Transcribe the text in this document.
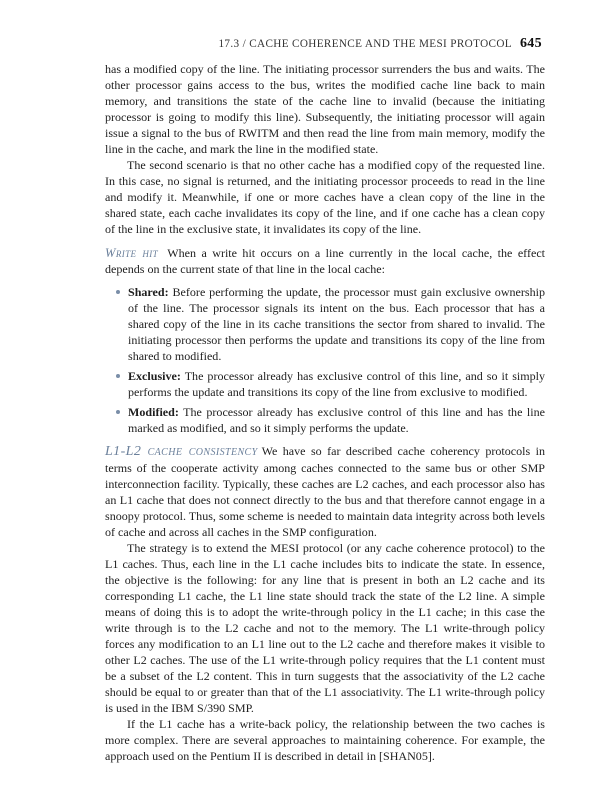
17.3 / CACHE COHERENCE AND THE MESI PROTOCOL 645

has a modified copy of the line. The initiating processor surrenders the bus and waits. The other processor gains access to the bus, writes the modified cache line back to main memory, and transitions the state of the cache line to invalid (because the initiating processor is going to modify this line). Subsequently, the initiating processor will again issue a signal to the bus of RWITM and then read the line from main memory, modify the line in the cache, and mark the line in the modified state.

The second scenario is that no other cache has a modified copy of the requested line. In this case, no signal is returned, and the initiating processor proceeds to read in the line and modify it. Meanwhile, if one or more caches have a clean copy of the line in the shared state, each cache invalidates its copy of the line, and if one cache has a clean copy of the line in the exclusive state, it invalidates its copy of the line.

Write hit When a write hit occurs on a line currently in the local cache, the effect depends on the current state of that line in the local cache:

Shared: Before performing the update, the processor must gain exclusive ownership of the line. The processor signals its intent on the bus. Each processor that has a shared copy of the line in its cache transitions the sector from shared to invalid. The initiating processor then performs the update and transitions its copy of the line from shared to modified.
Exclusive: The processor already has exclusive control of this line, and so it simply performs the update and transitions its copy of the line from exclusive to modified.
Modified: The processor already has exclusive control of this line and has the line marked as modified, and so it simply performs the update.

L1-L2 cache consistency We have so far described cache coherency protocols in terms of the cooperate activity among caches connected to the same bus or other SMP interconnection facility. Typically, these caches are L2 caches, and each processor also has an L1 cache that does not connect directly to the bus and that therefore cannot engage in a snoopy protocol. Thus, some scheme is needed to maintain data integrity across both levels of cache and across all caches in the SMP configuration.

The strategy is to extend the MESI protocol (or any cache coherence protocol) to the L1 caches. Thus, each line in the L1 cache includes bits to indicate the state. In essence, the objective is the following: for any line that is present in both an L2 cache and its corresponding L1 cache, the L1 line state should track the state of the L2 line. A simple means of doing this is to adopt the write-through policy in the L1 cache; in this case the write through is to the L2 cache and not to the memory. The L1 write-through policy forces any modification to an L1 line out to the L2 cache and therefore makes it visible to other L2 caches. The use of the L1 write-through policy requires that the L1 content must be a subset of the L2 content. This in turn suggests that the associativity of the L2 cache should be equal to or greater than that of the L1 associativity. The L1 write-through policy is used in the IBM S/390 SMP.

If the L1 cache has a write-back policy, the relationship between the two caches is more complex. There are several approaches to maintaining coherence. For example, the approach used on the Pentium II is described in detail in [SHAN05].
